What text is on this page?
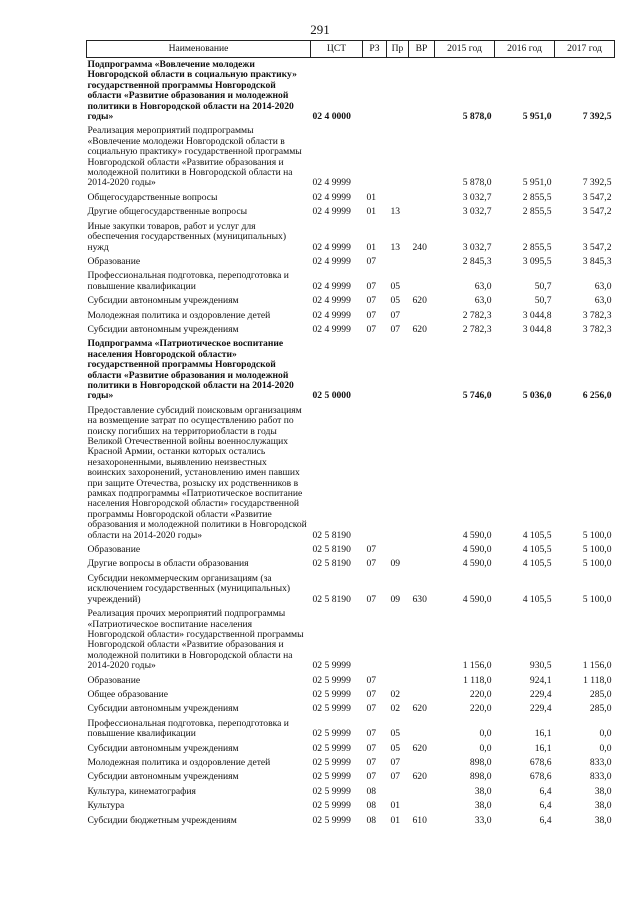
291
Наименование	ЦСТ	РЗ	Пр	ВР	2015 год	2016 год	2017 год
Подпрограмма «Вовлечение молодежи Новгородской области в социальную практику» государственной программы Новгородской области «Развитие образования и молодежной политики в Новгородской области на 2014-2020 годы»	02 4 0000				5 878,0	5 951,0	7 392,5
Реализация мероприятий подпрограммы «Вовлечение молодежи Новгородской области в социальную практику» государственной программы Новгородской области «Развитие образования и молодежной политики в Новгородской области на 2014-2020 годы»	02 4 9999				5 878,0	5 951,0	7 392,5
Общегосударственные вопросы	02 4 9999	01			3 032,7	2 855,5	3 547,2
Другие общегосударственные вопросы	02 4 9999	01	13		3 032,7	2 855,5	3 547,2
Иные закупки товаров, работ и услуг для обеспечения государственных (муниципальных) нужд	02 4 9999	01	13	240	3 032,7	2 855,5	3 547,2
Образование	02 4 9999	07			2 845,3	3 095,5	3 845,3
Профессиональная подготовка, переподготовка и повышение квалификации	02 4 9999	07	05		63,0	50,7	63,0
Субсидии автономным учреждениям	02 4 9999	07	05	620	63,0	50,7	63,0
Молодежная политика и оздоровление детей	02 4 9999	07	07		2 782,3	3 044,8	3 782,3
Субсидии автономным учреждениям	02 4 9999	07	07	620	2 782,3	3 044,8	3 782,3
Подпрограмма «Патриотическое воспитание населения Новгородской области» государственной программы Новгородской области «Развитие образования и молодежной политики в Новгородской области на 2014-2020 годы»	02 5 0000				5 746,0	5 036,0	6 256,0
Предоставление субсидий поисковым организациям на возмещение затрат по осуществлению работ по поиску погибших на территориобласти в годы Великой Отечественной войны военнослужащих Красной Армии, останки которых остались незахороненными, выявлению неизвестных воинских захоронений, установлению имен павших при защите Отечества, розыску их родственников в рамках подпрограммы «Патриотическое воспитание населения Новгородской области» государственной программы Новгородской области «Развитие образования и молодежной политики в Новгородской области на 2014-2020 годы»	02 5 8190				4 590,0	4 105,5	5 100,0
Образование	02 5 8190	07			4 590,0	4 105,5	5 100,0
Другие вопросы в области образования	02 5 8190	07	09		4 590,0	4 105,5	5 100,0
Субсидии некоммерческим организациям (за исключением государственных (муниципальных) учреждений)	02 5 8190	07	09	630	4 590,0	4 105,5	5 100,0
Реализация прочих мероприятий подпрограммы «Патриотическое воспитание населения Новгородской области» государственной программы Новгородской области «Развитие образования и молодежной политики в Новгородской области на 2014-2020 годы»	02 5 9999				1 156,0	930,5	1 156,0
Образование	02 5 9999	07			1 118,0	924,1	1 118,0
Общее образование	02 5 9999	07	02		220,0	229,4	285,0
Субсидии автономным учреждениям	02 5 9999	07	02	620	220,0	229,4	285,0
Профессиональная подготовка, переподготовка и повышение квалификации	02 5 9999	07	05		0,0	16,1	0,0
Субсидии автономным учреждениям	02 5 9999	07	05	620	0,0	16,1	0,0
Молодежная политика и оздоровление детей	02 5 9999	07	07		898,0	678,6	833,0
Субсидии автономным учреждениям	02 5 9999	07	07	620	898,0	678,6	833,0
Культура, кинематография	02 5 9999	08			38,0	6,4	38,0
Культура	02 5 9999	08	01		38,0	6,4	38,0
Субсидии бюджетным учреждениям	02 5 9999	08	01	610	33,0	6,4	38,0
